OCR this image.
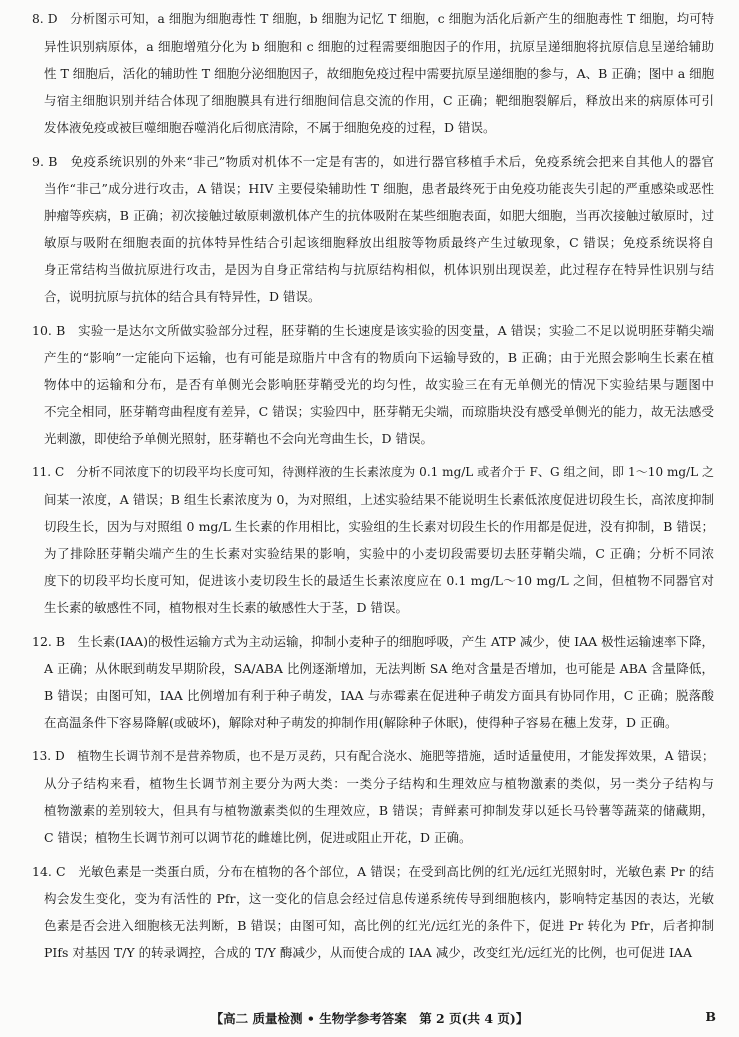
8. D　分析图示可知，a 细胞为细胞毒性 T 细胞，b 细胞为记忆 T 细胞，c 细胞为活化后新产生的细胞毒性 T 细胞，均可特
异性识别病原体，a 细胞增殖分化为 b 细胞和 c 细胞的过程需要细胞因子的作用，抗原呈递细胞将抗原信息呈递给辅助
性 T 细胞后，活化的辅助性 T 细胞分泌细胞因子，故细胞免疫过程中需要抗原呈递细胞的参与，A、B 正确；图中 a 细胞
与宿主细胞识别并结合体现了细胞膜具有进行细胞间信息交流的作用，C 正确；靶细胞裂解后，释放出来的病原体可引
发体液免疫或被巨噬细胞吞噬消化后彻底清除，不属于细胞免疫的过程，D 错误。
9. B　免疫系统识别的外来“非己”物质对机体不一定是有害的，如进行器官移植手术后，免疫系统会把来自其他人的器官
当作“非己”成分进行攻击，A 错误；HIV 主要侵染辅助性 T 细胞，患者最终死于由免疫功能丧失引起的严重感染或恶性
肿瘤等疾病，B 正确；初次接触过敏原刺激机体产生的抗体吸附在某些细胞表面，如肥大细胞，当再次接触过敏原时，过
敏原与吸附在细胞表面的抗体特异性结合引起该细胞释放出组胺等物质最终产生过敏现象，C 错误；免疫系统误将自
身正常结构当做抗原进行攻击，是因为自身正常结构与抗原结构相似，机体识别出现误差，此过程存在特异性识别与结
合，说明抗原与抗体的结合具有特异性，D 错误。
10. B　实验一是达尔文所做实验部分过程，胚芽鞘的生长速度是该实验的因变量，A 错误；实验二不足以说明胚芽鞘尖端
产生的“影响”一定能向下运输，也有可能是琼脂片中含有的物质向下运输导致的，B 正确；由于光照会影响生长素在植
物体中的运输和分布，是否有单侧光会影响胚芽鞘受光的均匀性，故实验三在有无单侧光的情况下实验结果与题图中
不完全相同，胚芽鞘弯曲程度有差异，C 错误；实验四中，胚芽鞘无尖端，而琼脂块没有感受单侧光的能力，故无法感受
光刺激，即使给予单侧光照射，胚芽鞘也不会向光弯曲生长，D 错误。
11. C　分析不同浓度下的切段平均长度可知，待测样液的生长素浓度为 0.1 mg/L 或者介于 F、G 组之间，即 1～10 mg/L 之
间某一浓度，A 错误；B 组生长素浓度为 0，为对照组，上述实验结果不能说明生长素低浓度促进切段生长，高浓度抑制
切段生长，因为与对照组 0 mg/L 生长素的作用相比，实验组的生长素对切段生长的作用都是促进，没有抑制，B 错误；
为了排除胚芽鞘尖端产生的生长素对实验结果的影响，实验中的小麦切段需要切去胚芽鞘尖端，C 正确；分析不同浓
度下的切段平均长度可知，促进该小麦切段生长的最适生长素浓度应在 0.1 mg/L～10 mg/L 之间，但植物不同器官对
生长素的敏感性不同，植物根对生长素的敏感性大于茎，D 错误。
12. B　生长素(IAA)的极性运输方式为主动运输，抑制小麦种子的细胞呼吸，产生 ATP 减少，使 IAA 极性运输速率下降，
A 正确；从休眠到萌发早期阶段，SA/ABA 比例逐渐增加，无法判断 SA 绝对含量是否增加，也可能是 ABA 含量降低，
B 错误；由图可知，IAA 比例增加有利于种子萌发，IAA 与赤霉素在促进种子萌发方面具有协同作用，C 正确；脱落酸
在高温条件下容易降解(或破坏)，解除对种子萌发的抑制作用(解除种子休眠)，使得种子容易在穗上发芽，D 正确。
13. D　植物生长调节剂不是营养物质，也不是万灵药，只有配合浇水、施肥等措施，适时适量使用，才能发挥效果，A 错误；
从分子结构来看，植物生长调节剂主要分为两大类：一类分子结构和生理效应与植物激素的类似，另一类分子结构与
植物激素的差别较大，但具有与植物激素类似的生理效应，B 错误；青鲜素可抑制发芽以延长马铃薯等蔬菜的储藏期，
C 错误；植物生长调节剂可以调节花的雌雄比例，促进或阻止开花，D 正确。
14. C　光敏色素是一类蛋白质，分布在植物的各个部位，A 错误；在受到高比例的红光/远红光照射时，光敏色素 Pr 的结
构会发生变化，变为有活性的 Pfr，这一变化的信息会经过信息传递系统传导到细胞核内，影响特定基因的表达，光敏
色素是否会进入细胞核无法判断，B 错误；由图可知，高比例的红光/远红光的条件下，促进 Pr 转化为 Pfr，后者抑制
PIfs 对基因 T/Y 的转录调控，合成的 T/Y 酶减少，从而使合成的 IAA 减少，改变红光/远红光的比例，也可促进 IAA
【高二 质量检测 • 生物学参考答案　第 2 页(共 4 页)】	B
